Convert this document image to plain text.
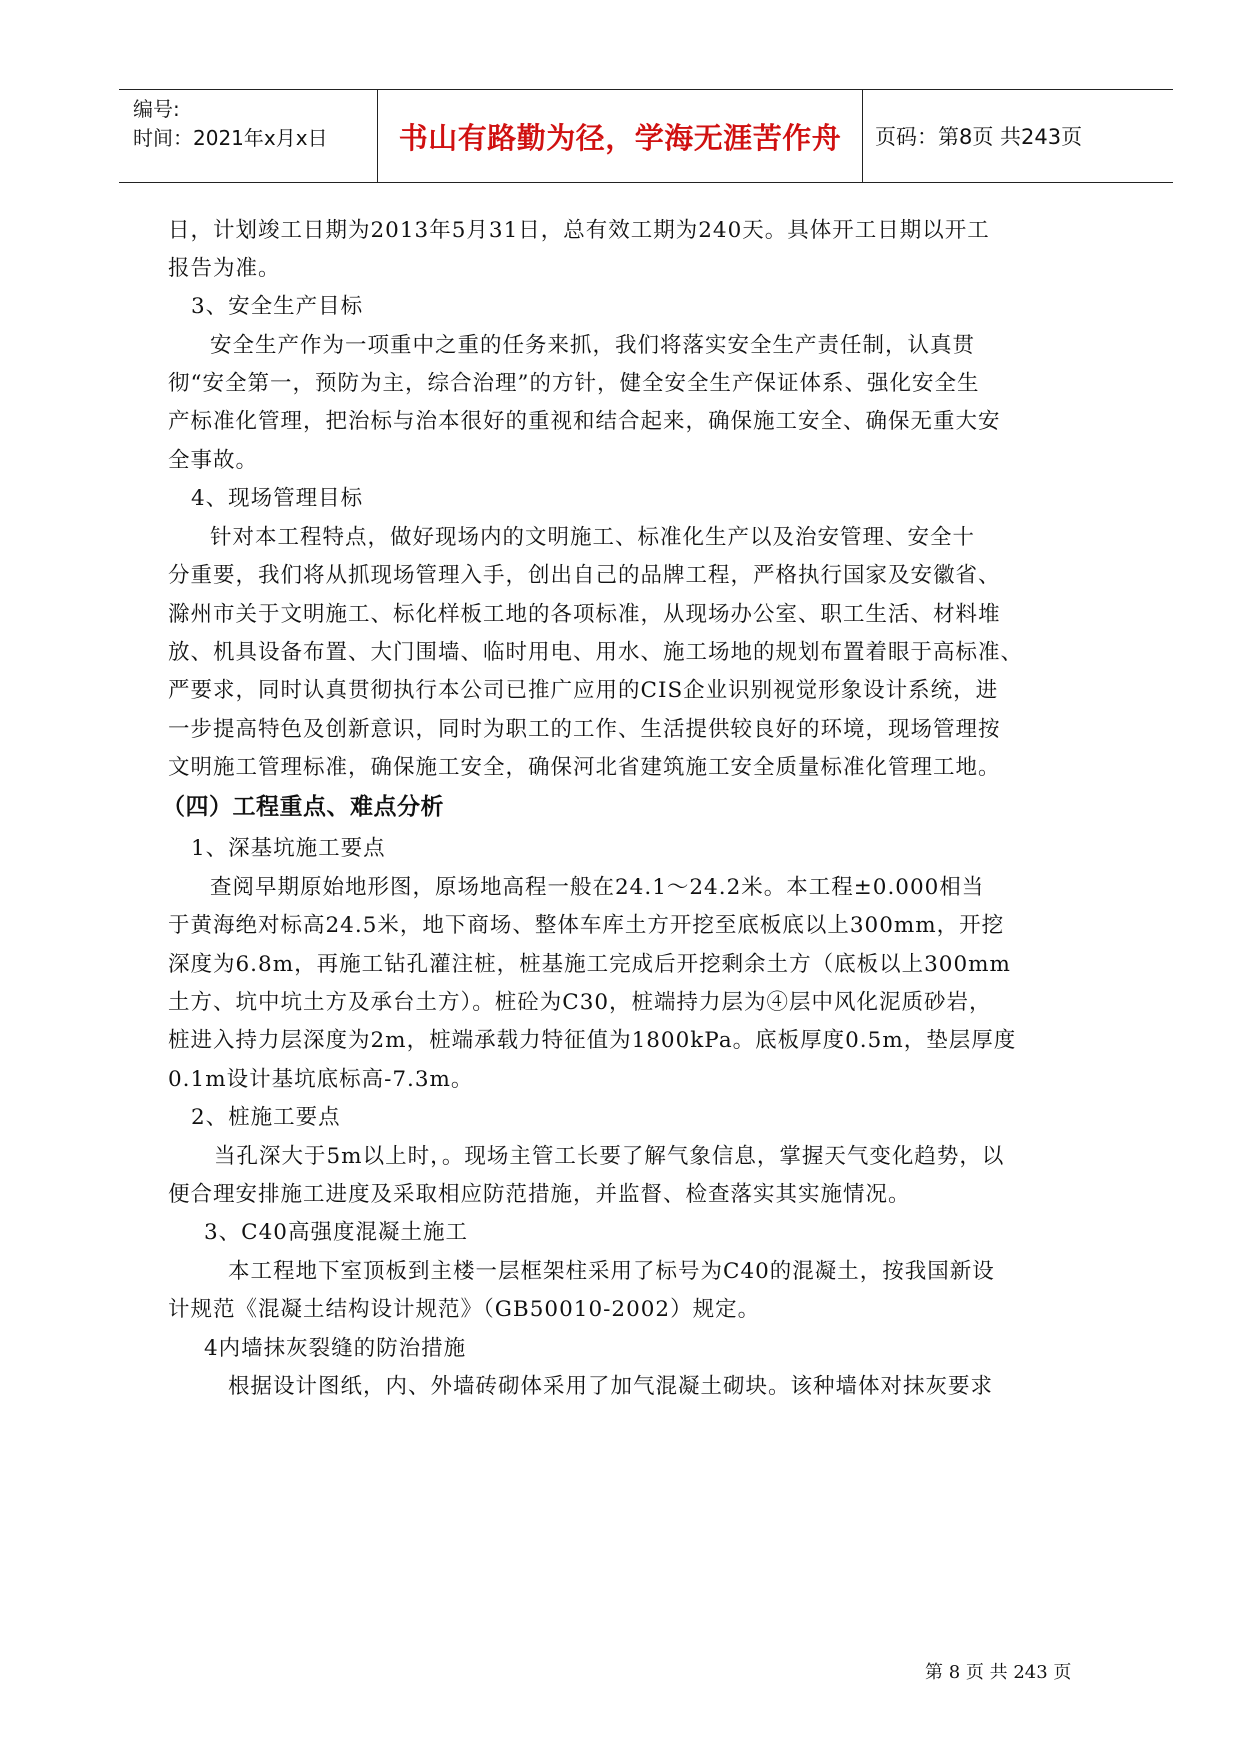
编号:
时间：2021年x月x日	书山有路勤为径，学海无涯苦作舟	页码：第8页 共243页
日，计划竣工日期为2013年5月31日，总有效工期为240天。具体开工日期以开工
报告为准。
3、安全生产目标
安全生产作为一项重中之重的任务来抓，我们将落实安全生产责任制，认真贯
彻“安全第一，预防为主，综合治理”的方针，健全安全生产保证体系、强化安全生
产标准化管理，把治标与治本很好的重视和结合起来，确保施工安全、确保无重大安
全事故。
4、现场管理目标
针对本工程特点，做好现场内的文明施工、标准化生产以及治安管理、安全十
分重要，我们将从抓现场管理入手，创出自己的品牌工程，严格执行国家及安徽省、
滁州市关于文明施工、标化样板工地的各项标准，从现场办公室、职工生活、材料堆
放、机具设备布置、大门围墙、临时用电、用水、施工场地的规划布置着眼于高标准、
严要求，同时认真贯彻执行本公司已推广应用的CIS企业识别视觉形象设计系统，进
一步提高特色及创新意识，同时为职工的工作、生活提供较良好的环境，现场管理按
文明施工管理标准，确保施工安全，确保河北省建筑施工安全质量标准化管理工地。
（四）工程重点、难点分析
1、深基坑施工要点
查阅早期原始地形图，原场地高程一般在24.1～24.2米。本工程±0.000相当
于黄海绝对标高24.5米，地下商场、整体车库土方开挖至底板底以上300mm，开挖
深度为6.8m，再施工钻孔灌注桩，桩基施工完成后开挖剩余土方（底板以上300mm
土方、坑中坑土方及承台土方）。桩砼为C30，桩端持力层为④层中风化泥质砂岩，
桩进入持力层深度为2m，桩端承载力特征值为1800kPa。底板厚度0.5m，垫层厚度
0.1m设计基坑底标高-7.3m。
2、桩施工要点
当孔深大于5m以上时，。现场主管工长要了解气象信息，掌握天气变化趋势，以
便合理安排施工进度及采取相应防范措施，并监督、检查落实其实施情况。
3、C40高强度混凝土施工
本工程地下室顶板到主楼一层框架柱采用了标号为C40的混凝土，按我国新设
计规范《混凝土结构设计规范》（GB50010-2002）规定。
4内墙抹灰裂缝的防治措施
根据设计图纸，内、外墙砖砌体采用了加气混凝土砌块。该种墙体对抹灰要求
第 8 页 共 243 页
